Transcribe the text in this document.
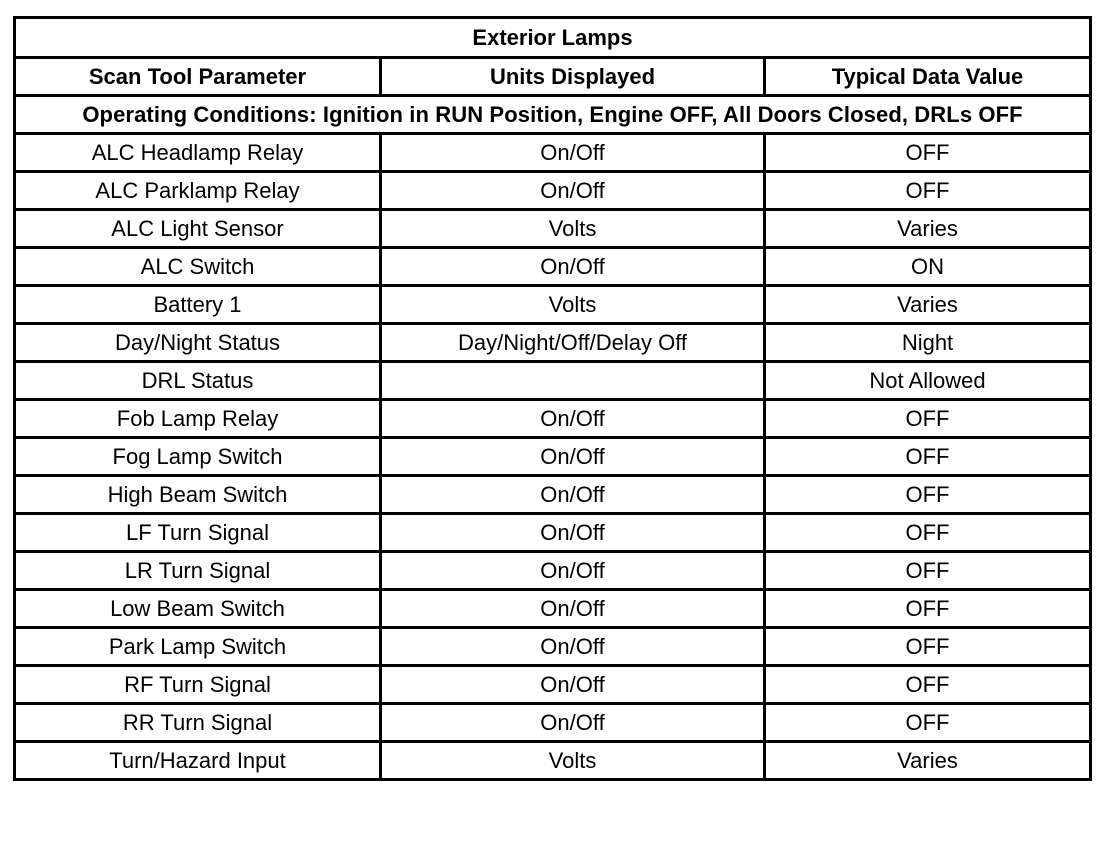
Exterior Lamps		
Scan Tool Parameter	Units Displayed	Typical Data Value
Operating Conditions: Ignition in RUN Position, Engine OFF, All Doors Closed, DRLs OFF		
ALC Headlamp Relay	On/Off	OFF
ALC Parklamp Relay	On/Off	OFF
ALC Light Sensor	Volts	Varies
ALC Switch	On/Off	ON
Battery 1	Volts	Varies
Day/Night Status	Day/Night/Off/Delay Off	Night
DRL Status		Not Allowed
Fob Lamp Relay	On/Off	OFF
Fog Lamp Switch	On/Off	OFF
High Beam Switch	On/Off	OFF
LF Turn Signal	On/Off	OFF
LR Turn Signal	On/Off	OFF
Low Beam Switch	On/Off	OFF
Park Lamp Switch	On/Off	OFF
RF Turn Signal	On/Off	OFF
RR Turn Signal	On/Off	OFF
Turn/Hazard Input	Volts	Varies
